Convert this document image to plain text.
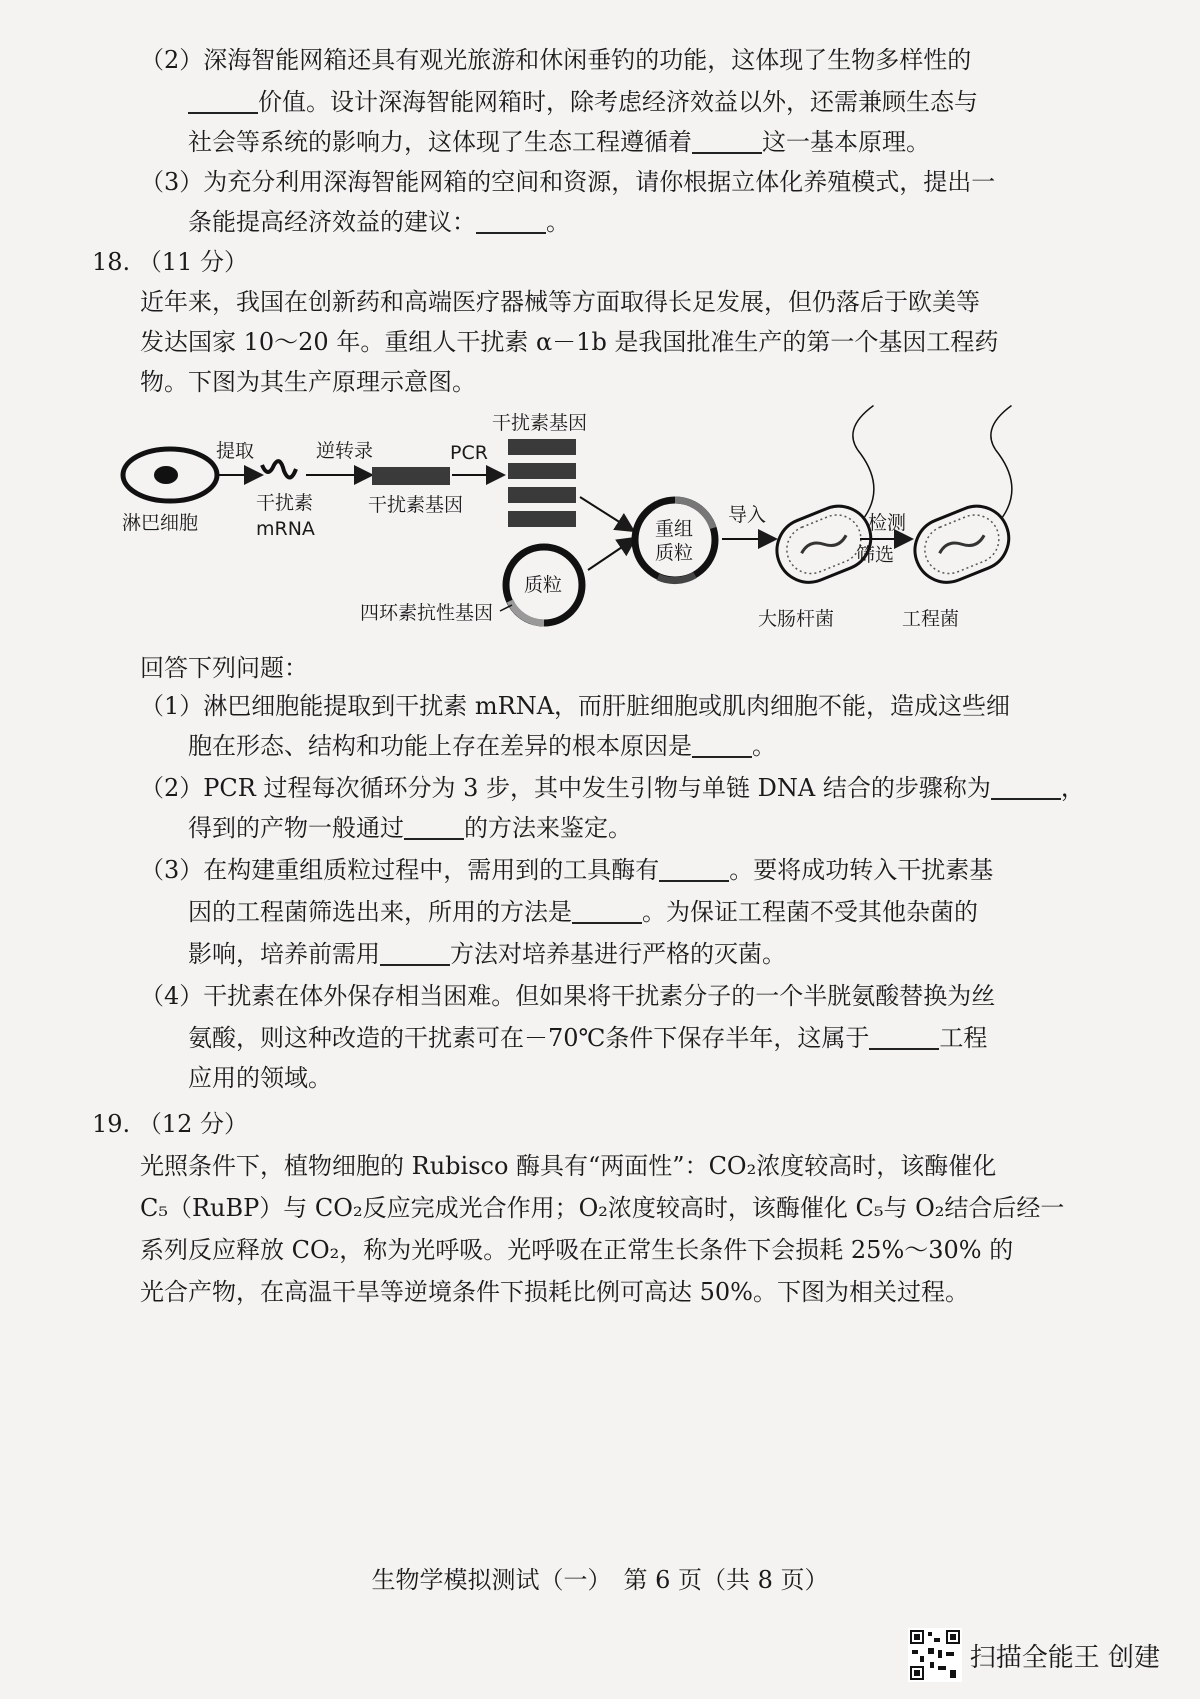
（2）深海智能网箱还具有观光旅游和休闲垂钓的功能，这体现了生物多样性的
价值。设计深海智能网箱时，除考虑经济效益以外，还需兼顾生态与
社会等系统的影响力，这体现了生态工程遵循着	这一基本原理。
（3）为充分利用深海智能网箱的空间和资源，请你根据立体化养殖模式，提出一
条能提高经济效益的建议：	。
18. （11 分）
近年来，我国在创新药和高端医疗器械等方面取得长足发展，但仍落后于欧美等
发达国家 10～20 年。重组人干扰素 α－1b 是我国批准生产的第一个基因工程药
物。下图为其生产原理示意图。
淋巴细胞
提取
干扰素
mRNA
逆转录
干扰素基因
PCR
干扰素基因
重组
质粒
质粒
四环素抗性基因
导入
大肠杆菌
检测
筛选
工程菌
回答下列问题：
（1）淋巴细胞能提取到干扰素 mRNA，而肝脏细胞或肌肉细胞不能，造成这些细
胞在形态、结构和功能上存在差异的根本原因是	。
（2）PCR 过程每次循环分为 3 步，其中发生引物与单链 DNA 结合的步骤称为	，
得到的产物一般通过	的方法来鉴定。
（3）在构建重组质粒过程中，需用到的工具酶有	。要将成功转入干扰素基
因的工程菌筛选出来，所用的方法是	。为保证工程菌不受其他杂菌的
影响，培养前需用	方法对培养基进行严格的灭菌。
（4）干扰素在体外保存相当困难。但如果将干扰素分子的一个半胱氨酸替换为丝
氨酸，则这种改造的干扰素可在－70℃条件下保存半年，这属于	工程
应用的领域。
19. （12 分）
光照条件下，植物细胞的 Rubisco 酶具有“两面性”：CO₂浓度较高时，该酶催化
C₅（RuBP）与 CO₂反应完成光合作用；O₂浓度较高时，该酶催化 C₅与 O₂结合后经一
系列反应释放 CO₂，称为光呼吸。光呼吸在正常生长条件下会损耗 25%～30% 的
光合产物，在高温干旱等逆境条件下损耗比例可高达 50%。下图为相关过程。
生物学模拟测试（一）　第 6 页（共 8 页）
扫描全能王 创建
